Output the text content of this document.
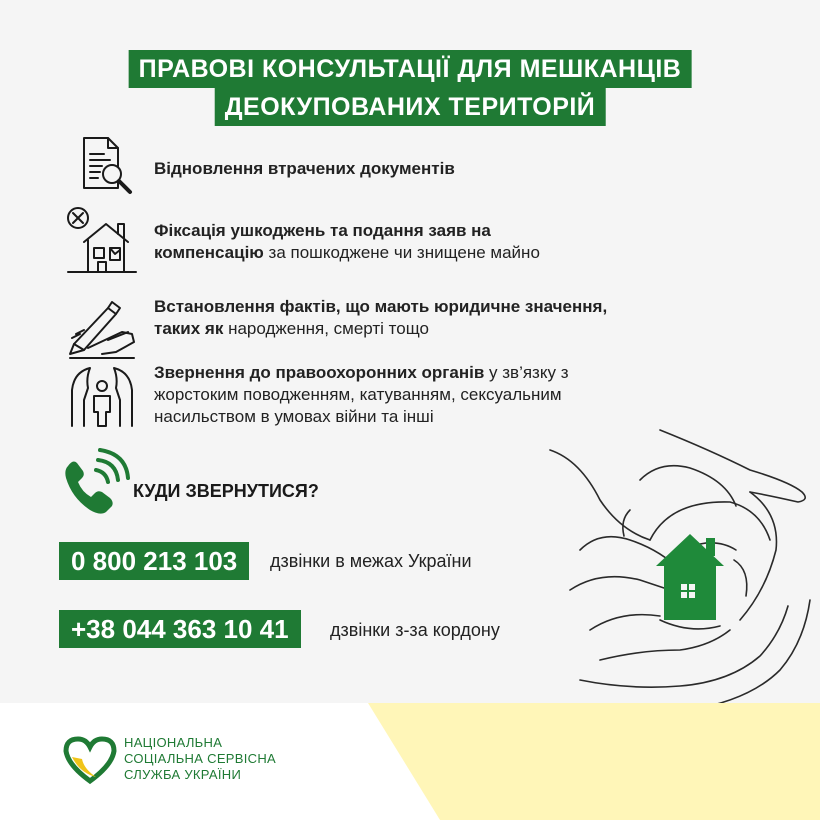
ПРАВОВІ КОНСУЛЬТАЦІЇ ДЛЯ МЕШКАНЦІВ
ДЕОКУПОВАНИХ ТЕРИТОРІЙ
Відновлення втрачених документів
Фіксація ушкоджень та подання заяв на
компенсацію за пошкоджене чи знищене майно
Встановлення фактів, що мають юридичне значення,
таких як народження, смерті тощо
Звернення до правоохоронних органів у зв’язку з
жорстоким поводженням, катуванням, сексуальним
насильством в умовах війни та інші
КУДИ ЗВЕРНУТИСЯ?
0 800 213 103	дзвінки в межах України
+38 044 363 10 41	дзвінки з-за кордону
НАЦІОНАЛЬНА
СОЦІАЛЬНА СЕРВІСНА
СЛУЖБА УКРАЇНИ
